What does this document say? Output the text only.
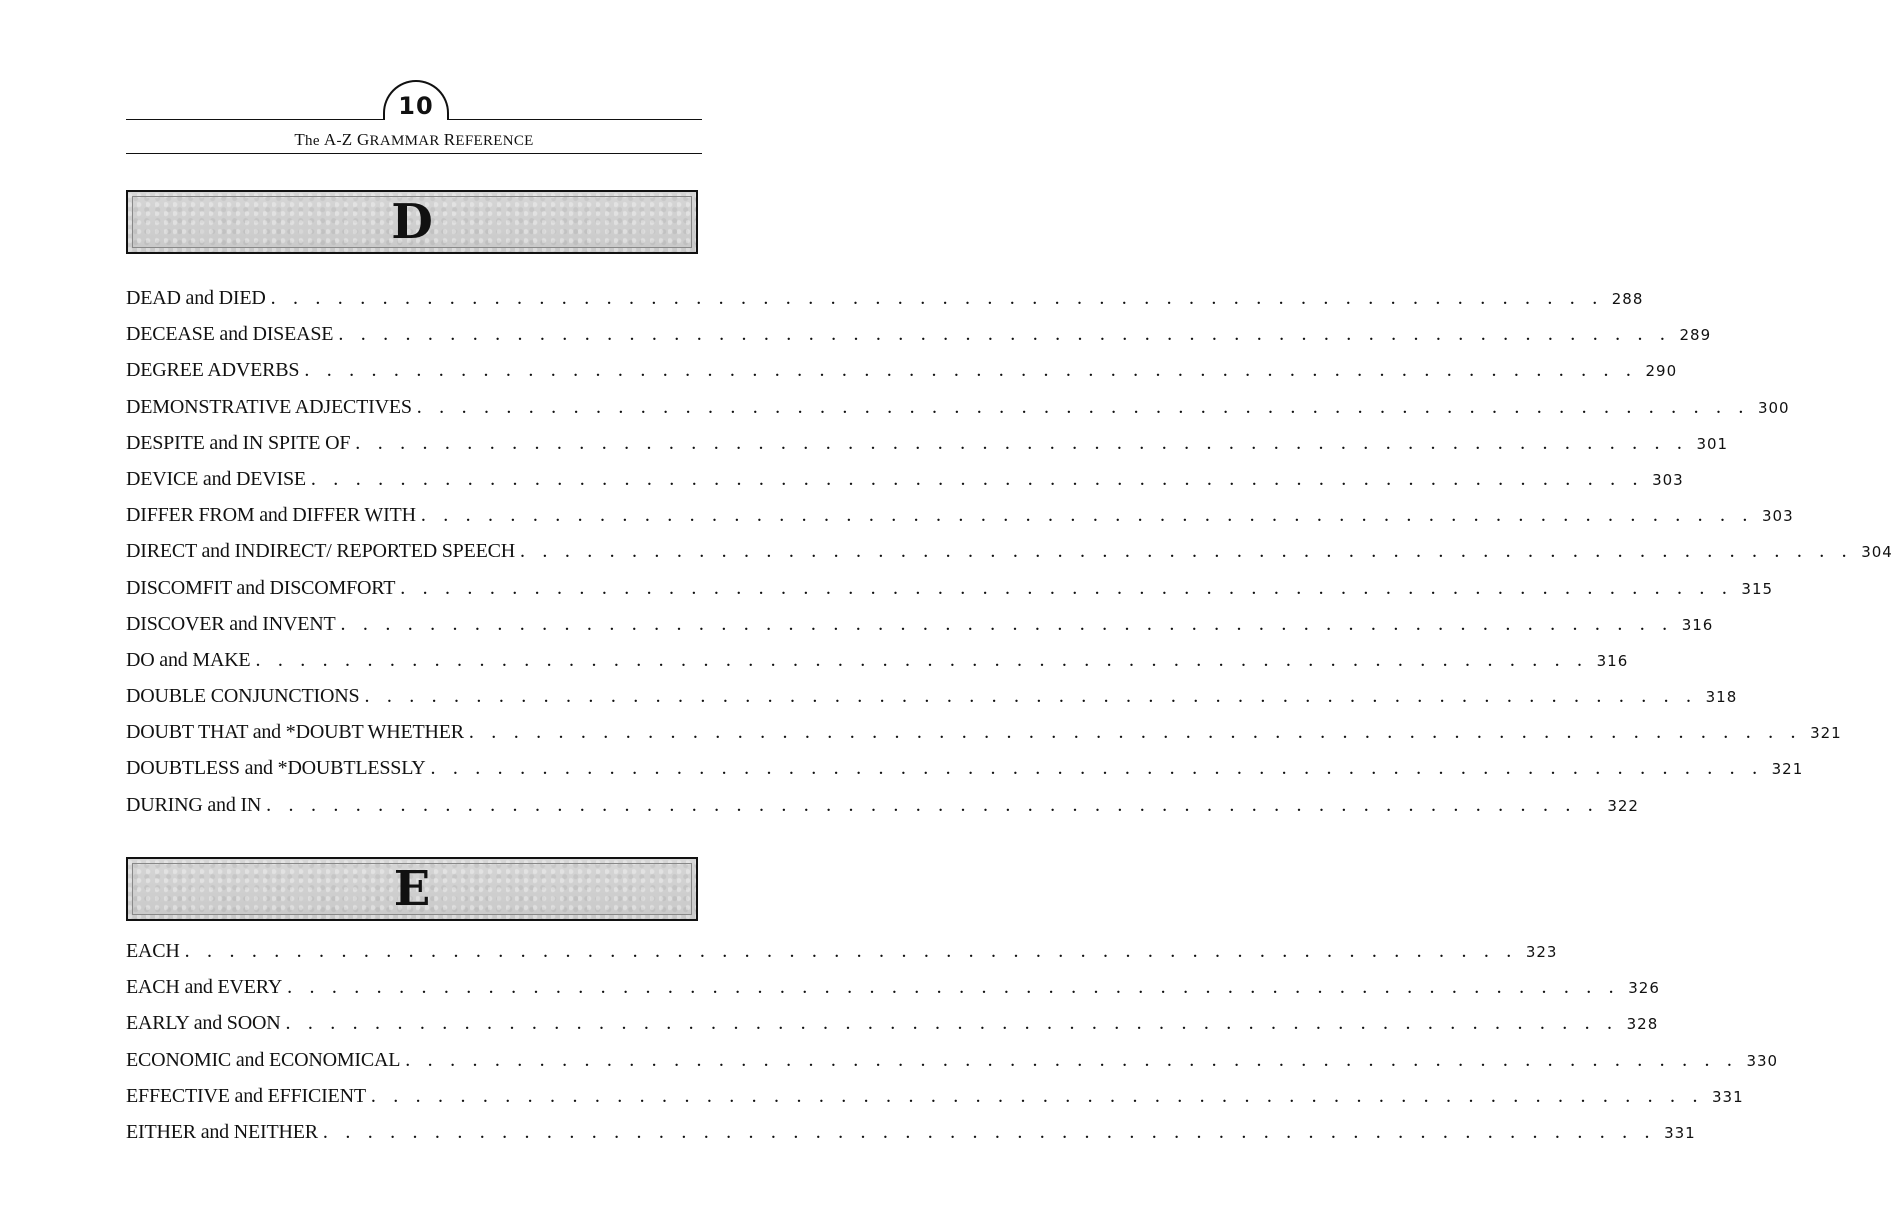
10
The A-Z GRAMMAR REFERENCE
D
DEAD and DIED . . . . . . . . . . . . . . . . . . . . . . . . . . . . . . . . . . . . . . . . . . . . . . . . . . . . . . . . . . . . 288
DECEASE and DISEASE . . . . . . . . . . . . . . . . . . . . . . . . . . . . . . . . . . . . . . . . . . . . . . . . . . . . . . . . . . . . 289
DEGREE ADVERBS . . . . . . . . . . . . . . . . . . . . . . . . . . . . . . . . . . . . . . . . . . . . . . . . . . . . . . . . . . . . 290
DEMONSTRATIVE ADJECTIVES . . . . . . . . . . . . . . . . . . . . . . . . . . . . . . . . . . . . . . . . . . . . . . . . . . . . . . . . . . . . 300
DESPITE and IN SPITE OF . . . . . . . . . . . . . . . . . . . . . . . . . . . . . . . . . . . . . . . . . . . . . . . . . . . . . . . . . . . . 301
DEVICE and DEVISE . . . . . . . . . . . . . . . . . . . . . . . . . . . . . . . . . . . . . . . . . . . . . . . . . . . . . . . . . . . . 303
DIFFER FROM and DIFFER WITH . . . . . . . . . . . . . . . . . . . . . . . . . . . . . . . . . . . . . . . . . . . . . . . . . . . . . . . . . . . . 303
DIRECT and INDIRECT/ REPORTED SPEECH . . . . . . . . . . . . . . . . . . . . . . . . . . . . . . . . . . . . . . . . . . . . . . . . . . . . . . . . . . . . 304
DISCOMFIT and DISCOMFORT . . . . . . . . . . . . . . . . . . . . . . . . . . . . . . . . . . . . . . . . . . . . . . . . . . . . . . . . . . . . 315
DISCOVER and INVENT . . . . . . . . . . . . . . . . . . . . . . . . . . . . . . . . . . . . . . . . . . . . . . . . . . . . . . . . . . . . 316
DO and MAKE . . . . . . . . . . . . . . . . . . . . . . . . . . . . . . . . . . . . . . . . . . . . . . . . . . . . . . . . . . . . 316
DOUBLE CONJUNCTIONS . . . . . . . . . . . . . . . . . . . . . . . . . . . . . . . . . . . . . . . . . . . . . . . . . . . . . . . . . . . . 318
DOUBT THAT and *DOUBT WHETHER . . . . . . . . . . . . . . . . . . . . . . . . . . . . . . . . . . . . . . . . . . . . . . . . . . . . . . . . . . . . 321
DOUBTLESS and *DOUBTLESSLY . . . . . . . . . . . . . . . . . . . . . . . . . . . . . . . . . . . . . . . . . . . . . . . . . . . . . . . . . . . . 321
DURING and IN . . . . . . . . . . . . . . . . . . . . . . . . . . . . . . . . . . . . . . . . . . . . . . . . . . . . . . . . . . . . 322
E
EACH . . . . . . . . . . . . . . . . . . . . . . . . . . . . . . . . . . . . . . . . . . . . . . . . . . . . . . . . . . . . 323
EACH and EVERY . . . . . . . . . . . . . . . . . . . . . . . . . . . . . . . . . . . . . . . . . . . . . . . . . . . . . . . . . . . . 326
EARLY and SOON . . . . . . . . . . . . . . . . . . . . . . . . . . . . . . . . . . . . . . . . . . . . . . . . . . . . . . . . . . . . 328
ECONOMIC and ECONOMICAL . . . . . . . . . . . . . . . . . . . . . . . . . . . . . . . . . . . . . . . . . . . . . . . . . . . . . . . . . . . . 330
EFFECTIVE and EFFICIENT . . . . . . . . . . . . . . . . . . . . . . . . . . . . . . . . . . . . . . . . . . . . . . . . . . . . . . . . . . . . 331
EITHER and NEITHER . . . . . . . . . . . . . . . . . . . . . . . . . . . . . . . . . . . . . . . . . . . . . . . . . . . . . . . . . . . . 331
